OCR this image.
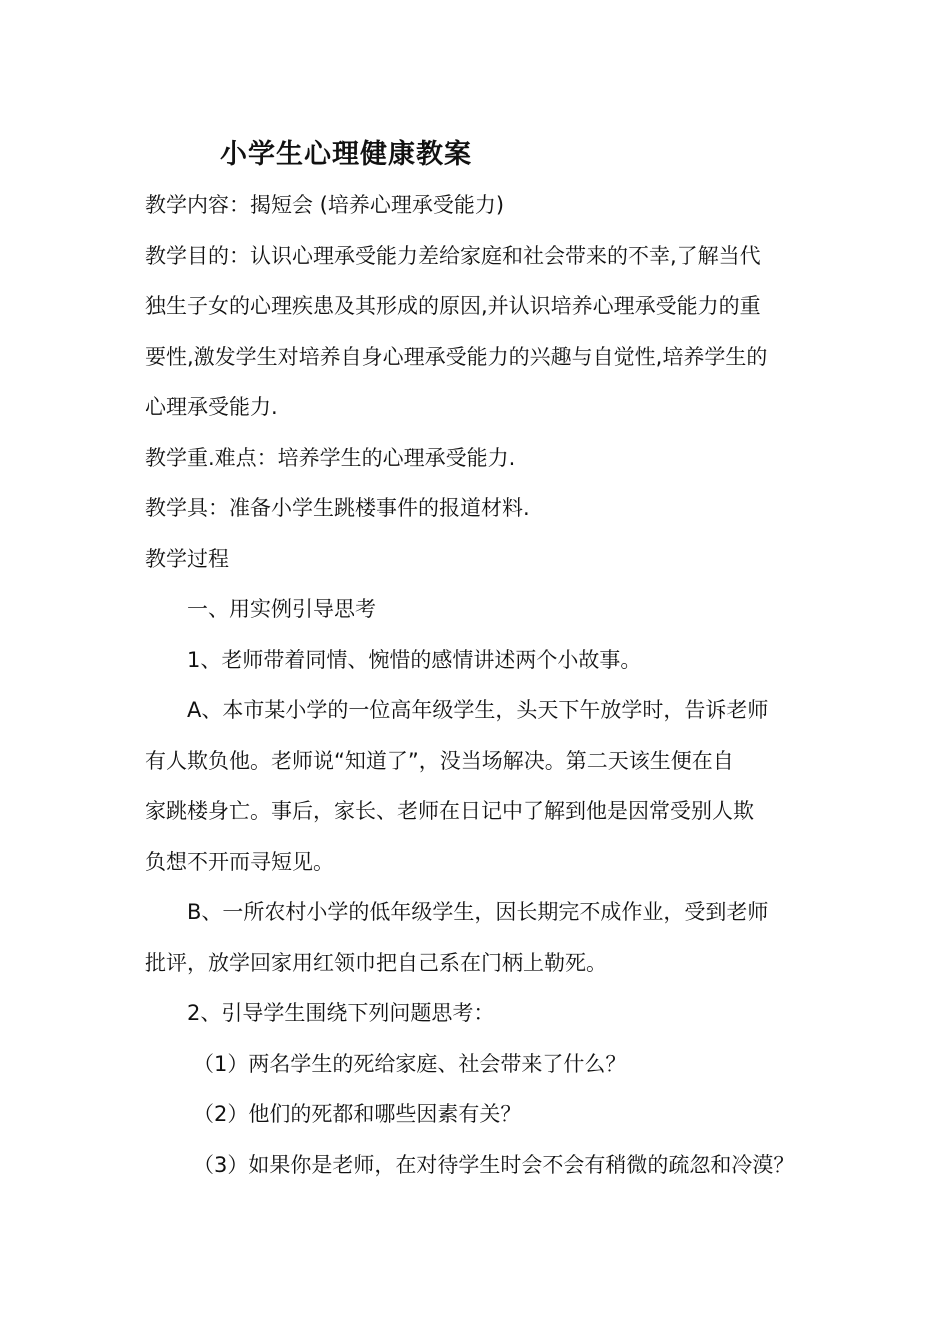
小学生心理健康教案
教学内容：揭短会 (培养心理承受能力)
教学目的：认识心理承受能力差给家庭和社会带来的不幸,了解当代
独生子女的心理疾患及其形成的原因,并认识培养心理承受能力的重
要性,激发学生对培养自身心理承受能力的兴趣与自觉性,培养学生的
心理承受能力.
教学重.难点：培养学生的心理承受能力.
教学具：准备小学生跳楼事件的报道材料.
教学过程
一、用实例引导思考
1、老师带着同情、惋惜的感情讲述两个小故事。
A、本市某小学的一位高年级学生，头天下午放学时，告诉老师
有人欺负他。老师说“知道了”，没当场解决。第二天该生便在自
家跳楼身亡。事后，家长、老师在日记中了解到他是因常受别人欺
负想不开而寻短见。
B、一所农村小学的低年级学生，因长期完不成作业，受到老师
批评，放学回家用红领巾把自己系在门柄上勒死。
2、引导学生围绕下列问题思考：
（1）两名学生的死给家庭、社会带来了什么？
（2）他们的死都和哪些因素有关？
（3）如果你是老师，在对待学生时会不会有稍微的疏忽和冷漠？
